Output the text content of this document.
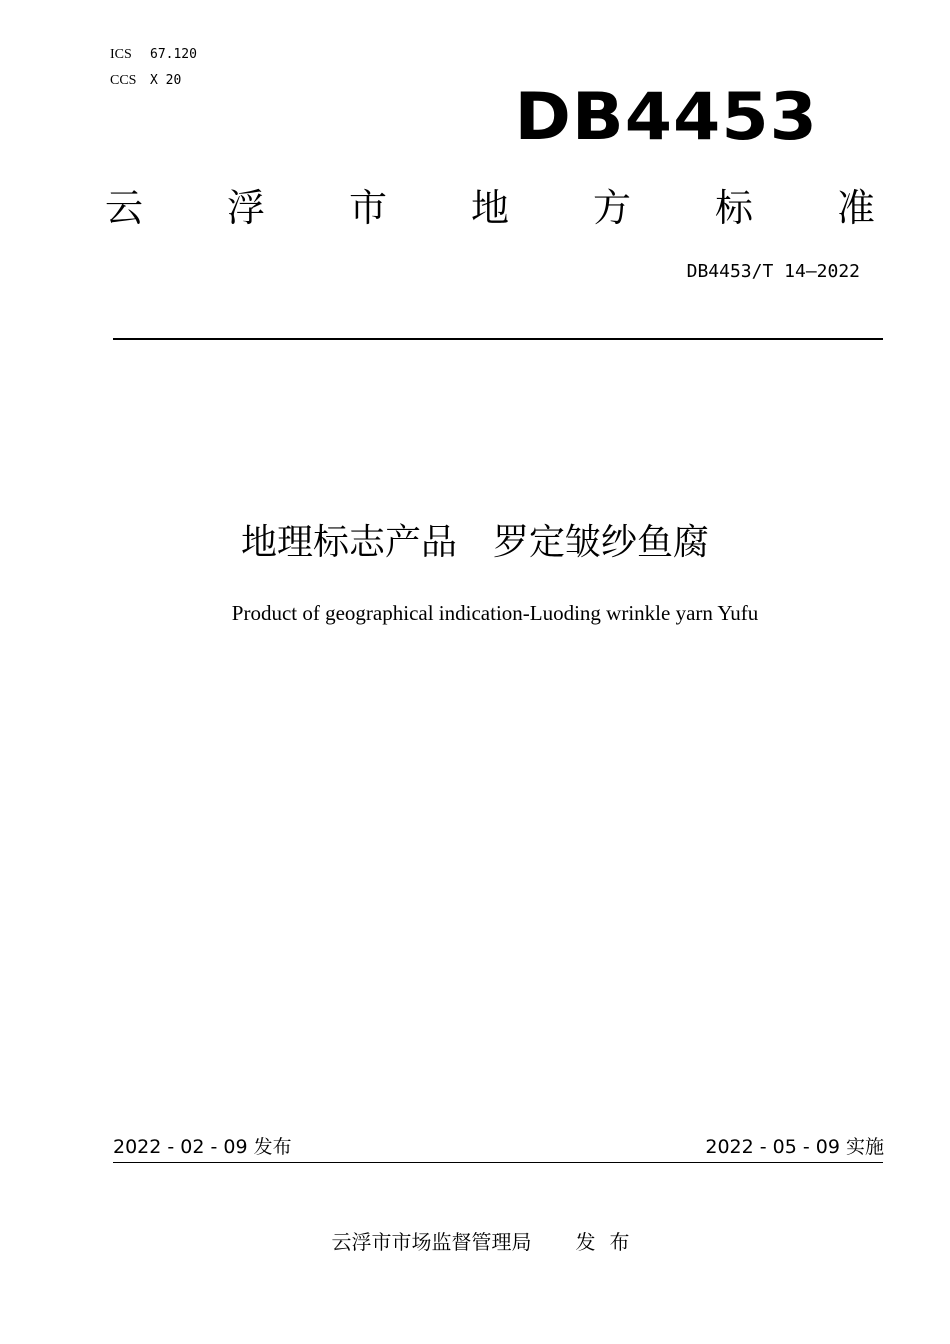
ICS 67.120
CCS X 20	DB4453
云 浮 市 地 方 标 准
DB4453/T 14—2022
地理标志产品　罗定皱纱鱼腐
Product of geographical indication-Luoding wrinkle yarn Yufu
2022 - 02 - 09 发布	2022 - 05 - 09 实施
云浮市市场监督管理局 发布
